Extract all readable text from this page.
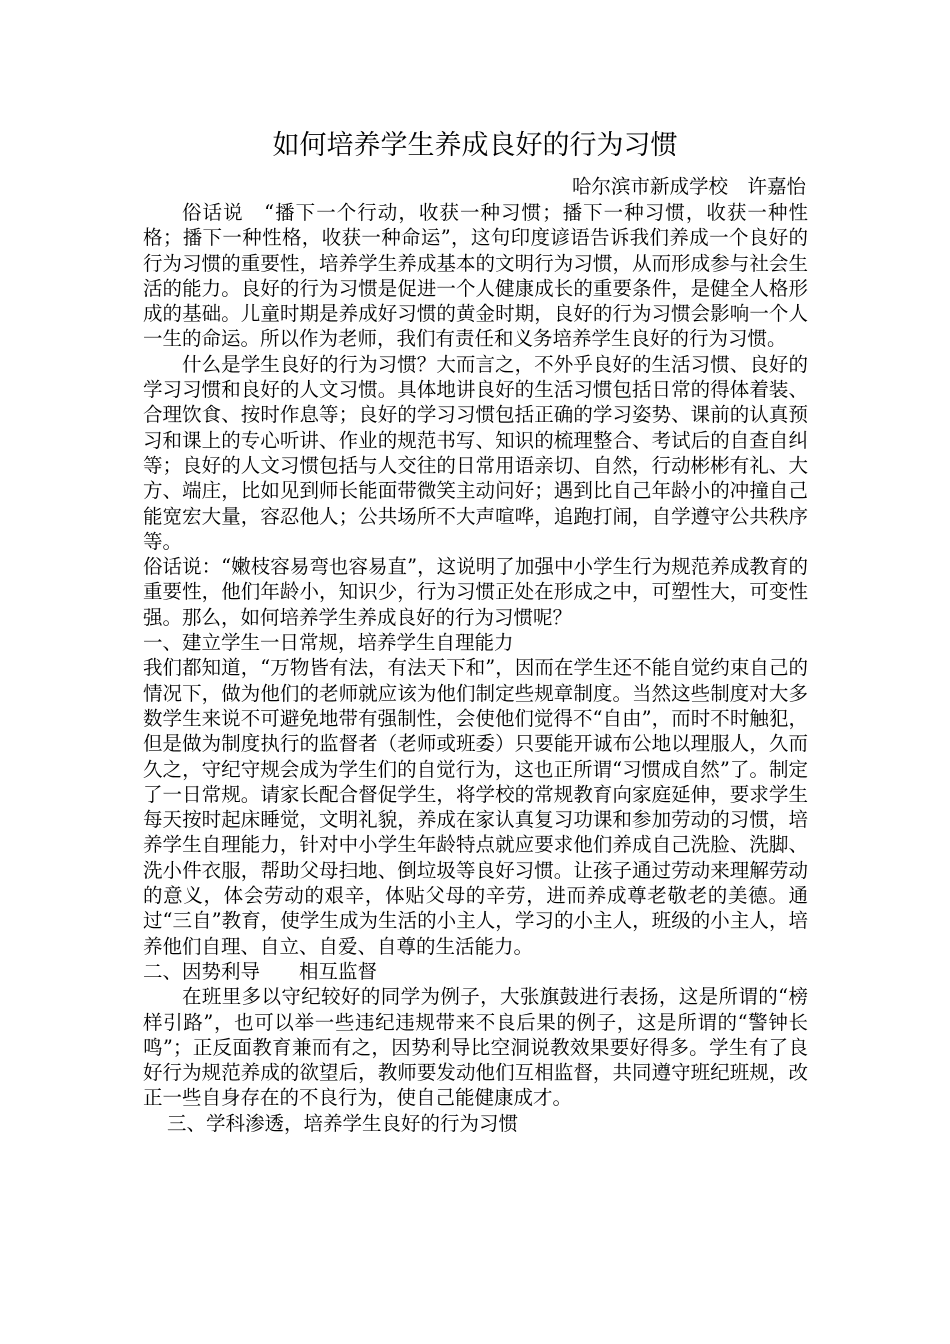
如何培养学生养成良好的行为习惯
哈尔滨市新成学校　许嘉怡

俗话说　“播下一个行动，收获一种习惯；播下一种习惯，收获一种性格；播下一种性格，收获一种命运”，这句印度谚语告诉我们养成一个良好的行为习惯的重要性，培养学生养成基本的文明行为习惯，从而形成参与社会生活的能力。良好的行为习惯是促进一个人健康成长的重要条件，是健全人格形成的基础。儿童时期是养成好习惯的黄金时期，良好的行为习惯会影响一个人一生的命运。所以作为老师，我们有责任和义务培养学生良好的行为习惯。

什么是学生良好的行为习惯？大而言之，不外乎良好的生活习惯、良好的学习习惯和良好的人文习惯。具体地讲良好的生活习惯包括日常的得体着装、合理饮食、按时作息等；良好的学习习惯包括正确的学习姿势、课前的认真预习和课上的专心听讲、作业的规范书写、知识的梳理整合、考试后的自查自纠等；良好的人文习惯包括与人交往的日常用语亲切、自然，行动彬彬有礼、大方、端庄，比如见到师长能面带微笑主动问好；遇到比自己年龄小的冲撞自己能宽宏大量，容忍他人；公共场所不大声喧哗，追跑打闹，自学遵守公共秩序等。

俗话说：“嫩枝容易弯也容易直”，这说明了加强中小学生行为规范养成教育的重要性，他们年龄小，知识少，行为习惯正处在形成之中，可塑性大，可变性强。那么，如何培养学生养成良好的行为习惯呢？

一、建立学生一日常规，培养学生自理能力

我们都知道，“万物皆有法，有法天下和”，因而在学生还不能自觉约束自己的情况下，做为他们的老师就应该为他们制定些规章制度。当然这些制度对大多数学生来说不可避免地带有强制性，会使他们觉得不“自由”，而时不时触犯，但是做为制度执行的监督者（老师或班委）只要能开诚布公地以理服人，久而久之，守纪守规会成为学生们的自觉行为，这也正所谓“习惯成自然”了。制定了一日常规。请家长配合督促学生，将学校的常规教育向家庭延伸，要求学生每天按时起床睡觉，文明礼貌，养成在家认真复习功课和参加劳动的习惯，培养学生自理能力，针对中小学生年龄特点就应要求他们养成自己洗脸、洗脚、洗小件衣服，帮助父母扫地、倒垃圾等良好习惯。让孩子通过劳动来理解劳动的意义，体会劳动的艰辛，体贴父母的辛劳，进而养成尊老敬老的美德。通过“三自”教育，使学生成为生活的小主人，学习的小主人，班级的小主人，培养他们自理、自立、自爱、自尊的生活能力。

二、因势利导　　相互监督

在班里多以守纪较好的同学为例子，大张旗鼓进行表扬，这是所谓的“榜样引路”，也可以举一些违纪违规带来不良后果的例子，这是所谓的“警钟长鸣”；正反面教育兼而有之，因势利导比空洞说教效果要好得多。学生有了良好行为规范养成的欲望后，教师要发动他们互相监督，共同遵守班纪班规，改正一些自身存在的不良行为，使自己能健康成才。

三、学科渗透，培养学生良好的行为习惯
